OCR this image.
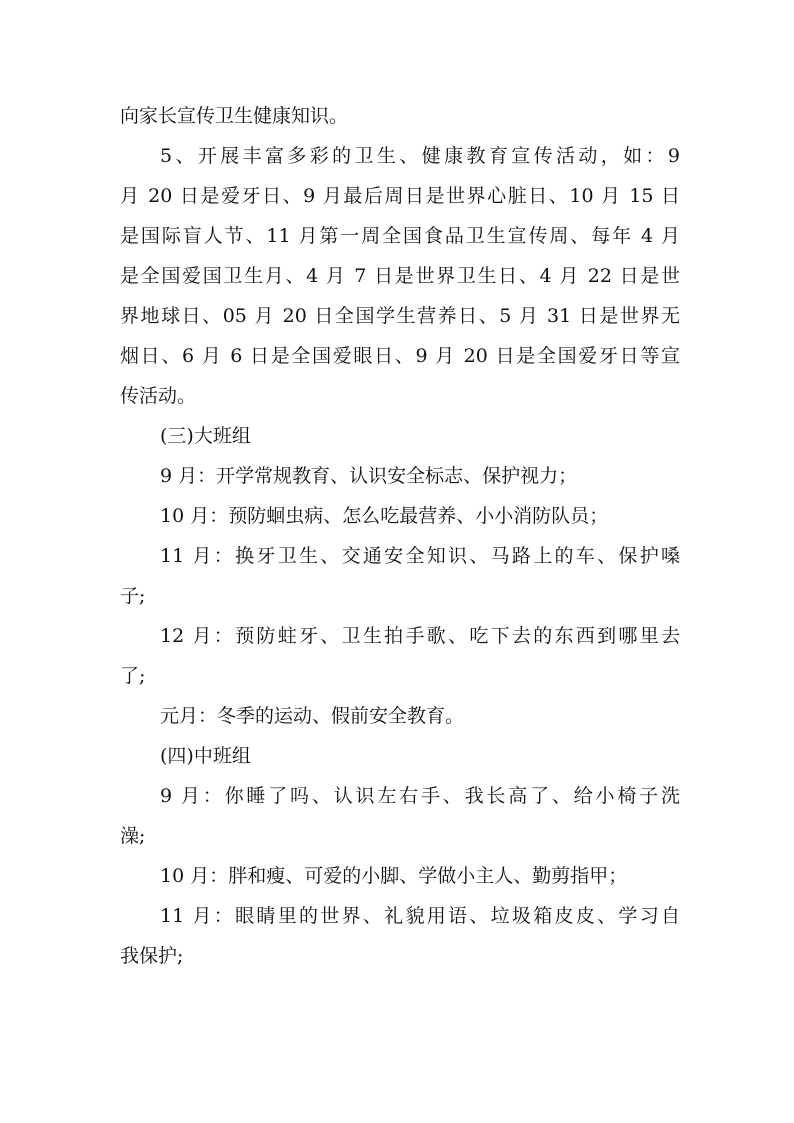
向家长宣传卫生健康知识。
5、开展丰富多彩的卫生、健康教育宣传活动，如：9
月 20 日是爱牙日、9 月最后周日是世界心脏日、10 月 15 日
是国际盲人节、11 月第一周全国食品卫生宣传周、每年 4 月
是全国爱国卫生月、4 月 7 日是世界卫生日、4 月 22 日是世
界地球日、05 月 20 日全国学生营养日、5 月 31 日是世界无
烟日、6 月 6 日是全国爱眼日、9 月 20 日是全国爱牙日等宣
传活动。
(三)大班组
9 月：开学常规教育、认识安全标志、保护视力；
10 月：预防蛔虫病、怎么吃最营养、小小消防队员；
11 月：换牙卫生、交通安全知识、马路上的车、保护嗓
子;
12 月：预防蛀牙、卫生拍手歌、吃下去的东西到哪里去
了;
元月：冬季的运动、假前安全教育。
(四)中班组
9 月：你睡了吗、认识左右手、我长高了、给小椅子洗
澡;
10 月：胖和瘦、可爱的小脚、学做小主人、勤剪指甲；
11 月：眼睛里的世界、礼貌用语、垃圾箱皮皮、学习自
我保护;
